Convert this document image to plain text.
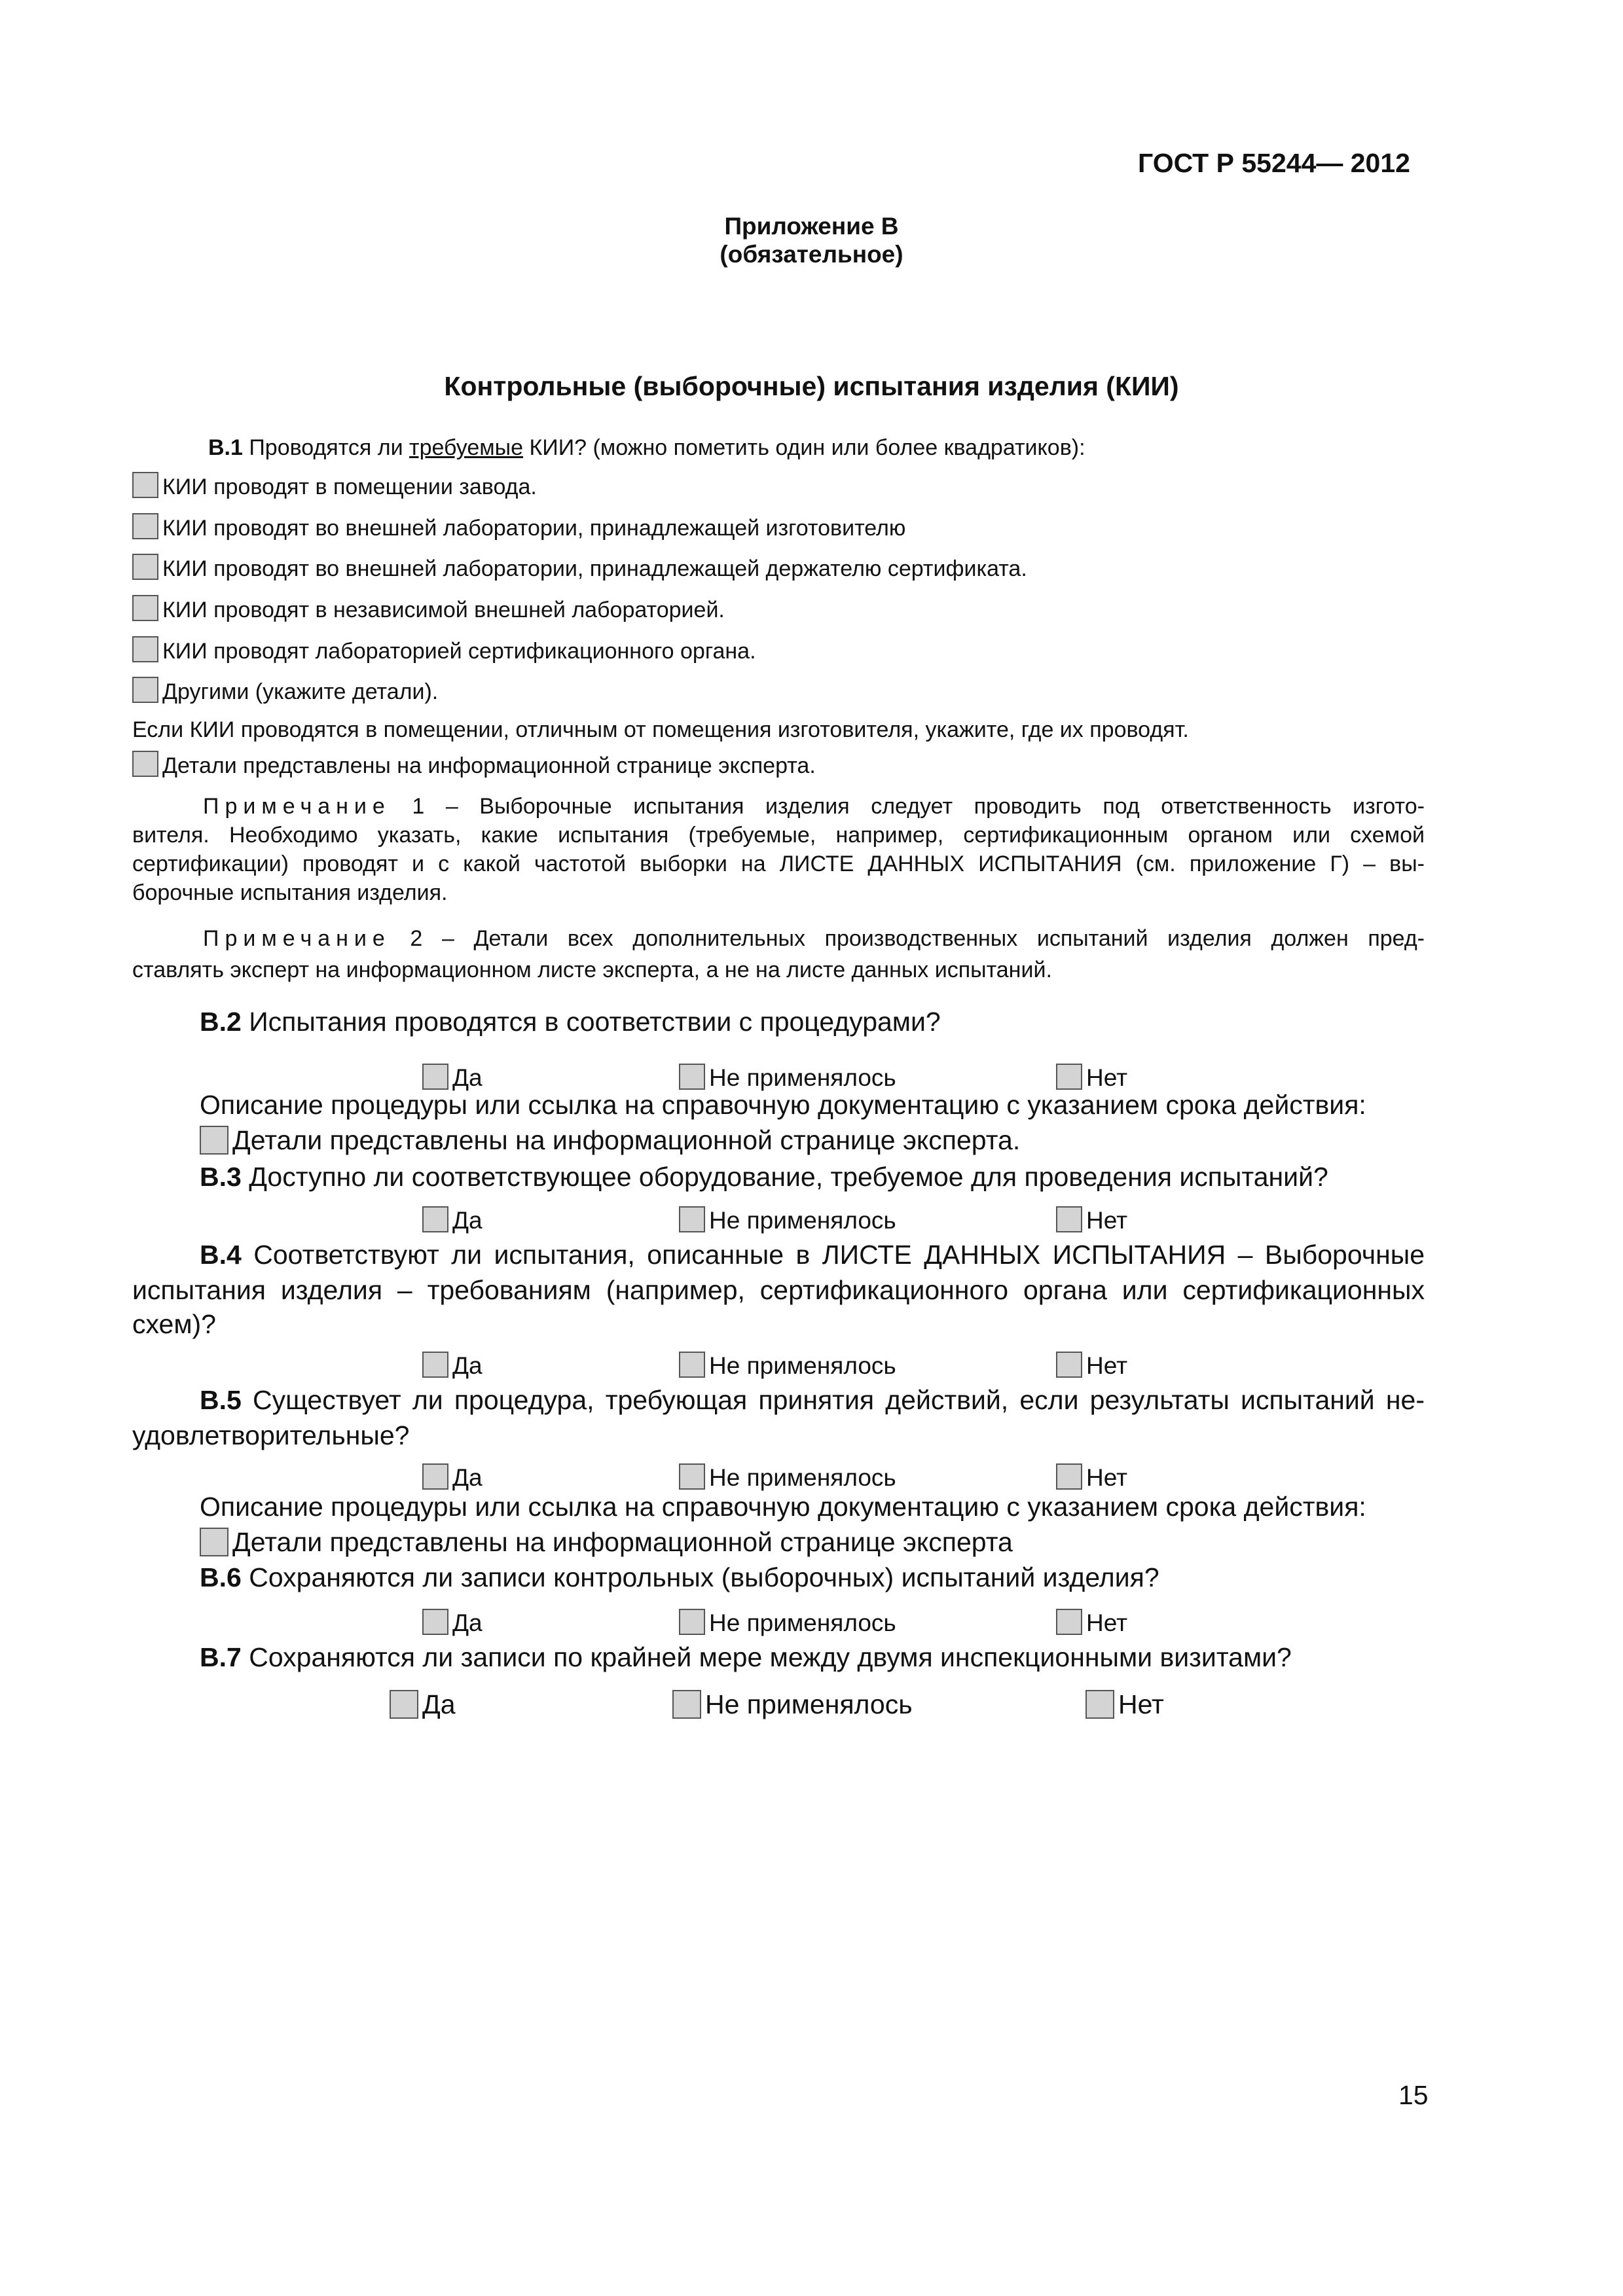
ГОСТ Р 55244— 2012
Приложение В
(обязательное)
Контрольные (выборочные) испытания изделия (КИИ)
В.1 Проводятся ли требуемые КИИ? (можно пометить один или более квадратиков):
КИИ проводят в помещении завода.
КИИ проводят во внешней лаборатории, принадлежащей изготовителю
КИИ проводят во внешней лаборатории, принадлежащей держателю сертификата.
КИИ проводят в независимой внешней лабораторией.
КИИ проводят лабораторией сертификационного органа.
Другими (укажите детали).
Если КИИ проводятся в помещении, отличным от помещения изготовителя, укажите, где их проводят.
Детали представлены на информационной странице эксперта.
Примечание 1 – Выборочные испытания изделия следует проводить под ответственность изгото-
вителя. Необходимо указать, какие испытания (требуемые, например, сертификационным органом или схемой
сертификации) проводят и с какой частотой выборки на ЛИСТЕ ДАННЫХ ИСПЫТАНИЯ (см. приложение Г) – вы-
борочные испытания изделия.
Примечание 2 – Детали всех дополнительных производственных испытаний изделия должен пред-
ставлять эксперт на информационном листе эксперта, а не на листе данных испытаний.
В.2 Испытания проводятся в соответствии с процедурами?
Да	Не применялось	Нет
Описание процедуры или ссылка на справочную документацию с указанием срока действия:
Детали представлены на информационной странице эксперта.
В.3 Доступно ли соответствующее оборудование, требуемое для проведения испытаний?
Да	Не применялось	Нет
В.4 Соответствуют ли испытания, описанные в ЛИСТЕ ДАННЫХ ИСПЫТАНИЯ – Выборочные
испытания изделия – требованиям (например, сертификационного органа или сертификационных
схем)?
Да	Не применялось	Нет
В.5 Существует ли процедура, требующая принятия действий, если результаты испытаний не-
удовлетворительные?
Да	Не применялось	Нет
Описание процедуры или ссылка на справочную документацию с указанием срока действия:
Детали представлены на информационной странице эксперта
В.6 Сохраняются ли записи контрольных (выборочных) испытаний изделия?
Да	Не применялось	Нет
В.7 Сохраняются ли записи по крайней мере между двумя инспекционными визитами?
Да	Не применялось	Нет
15
